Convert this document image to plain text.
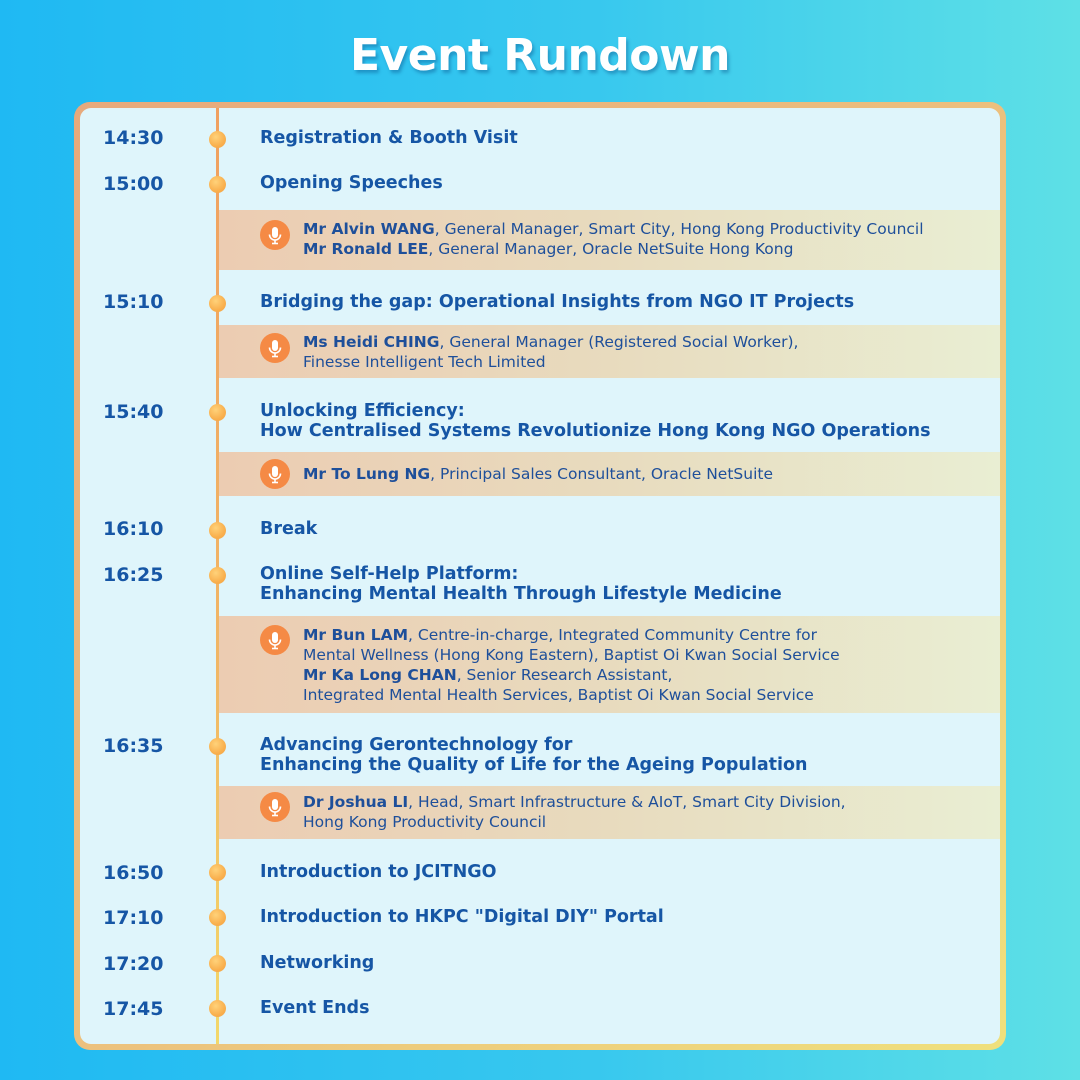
Event Rundown
14:30	Registration & Booth Visit
15:00	Opening Speeches
Mr Alvin WANG, General Manager, Smart City, Hong Kong Productivity Council
Mr Ronald LEE, General Manager, Oracle NetSuite Hong Kong
15:10	Bridging the gap: Operational Insights from NGO IT Projects
Ms Heidi CHING, General Manager (Registered Social Worker),
Finesse Intelligent Tech Limited
15:40	Unlocking Efficiency:
How Centralised Systems Revolutionize Hong Kong NGO Operations
Mr To Lung NG, Principal Sales Consultant, Oracle NetSuite
16:10	Break
16:25	Online Self-Help Platform:
Enhancing Mental Health Through Lifestyle Medicine
Mr Bun LAM, Centre-in-charge, Integrated Community Centre for
Mental Wellness (Hong Kong Eastern), Baptist Oi Kwan Social Service
Mr Ka Long CHAN, Senior Research Assistant,
Integrated Mental Health Services, Baptist Oi Kwan Social Service
16:35	Advancing Gerontechnology for
Enhancing the Quality of Life for the Ageing Population
Dr Joshua LI, Head, Smart Infrastructure & AIoT, Smart City Division,
Hong Kong Productivity Council
16:50	Introduction to JCITNGO
17:10	Introduction to HKPC "Digital DIY" Portal
17:20	Networking
17:45	Event Ends
